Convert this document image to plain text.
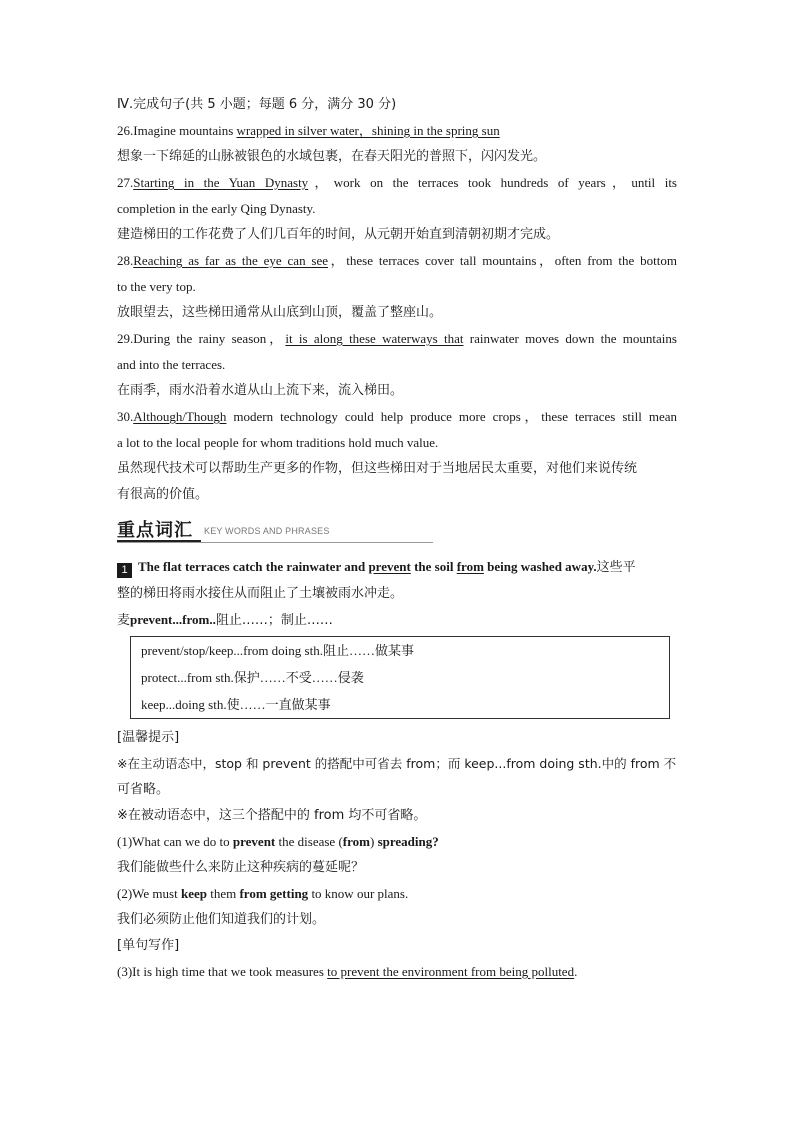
Ⅳ.完成句子(共 5 小题；每题 6 分，满分 30 分)
26.Imagine mountains wrapped in silver water，shining in the spring sun
想象一下绵延的山脉被银色的水域包裹，在春天阳光的普照下，闪闪发光。
27.Starting in the Yuan Dynasty，work on the terraces took hundreds of years，until its
completion in the early Qing Dynasty.
建造梯田的工作花费了人们几百年的时间，从元朝开始直到清朝初期才完成。
28.Reaching as far as the eye can see，these terraces cover tall mountains，often from the bottom
to the very top.
放眼望去，这些梯田通常从山底到山顶，覆盖了整座山。
29.During the rainy season，it is along these waterways that rainwater moves down the mountains
and into the terraces.
在雨季，雨水沿着水道从山上流下来，流入梯田。
30.Although/Though modern technology could help produce more crops，these terraces still mean
a lot to the local people for whom traditions hold much value.
虽然现代技术可以帮助生产更多的作物，但这些梯田对于当地居民太重要，对他们来说传统
有很高的价值。
重点词汇 KEY WORDS AND PHRASES
1 The flat terraces catch the rainwater and prevent the soil from being washed away.这些平
整的梯田将雨水接住从而阻止了土壤被雨水冲走。
⻨prevent...from..阻止……；制止……
prevent/stop/keep...from doing sth.阻止……做某事
protect...from sth.保护……不受……侵袭
keep...doing sth.使……一直做某事
[温馨提示]
※在主动语态中，stop 和 prevent 的搭配中可省去 from；而 keep...from doing sth.中的 from 不
可省略。
※在被动语态中，这三个搭配中的 from 均不可省略。
(1)What can we do to prevent the disease (from) spreading?
我们能做些什么来防止这种疾病的蔓延呢？
(2)We must keep them from getting to know our plans.
我们必须防止他们知道我们的计划。
[单句写作]
(3)It is high time that we took measures to prevent the environment from being polluted.
